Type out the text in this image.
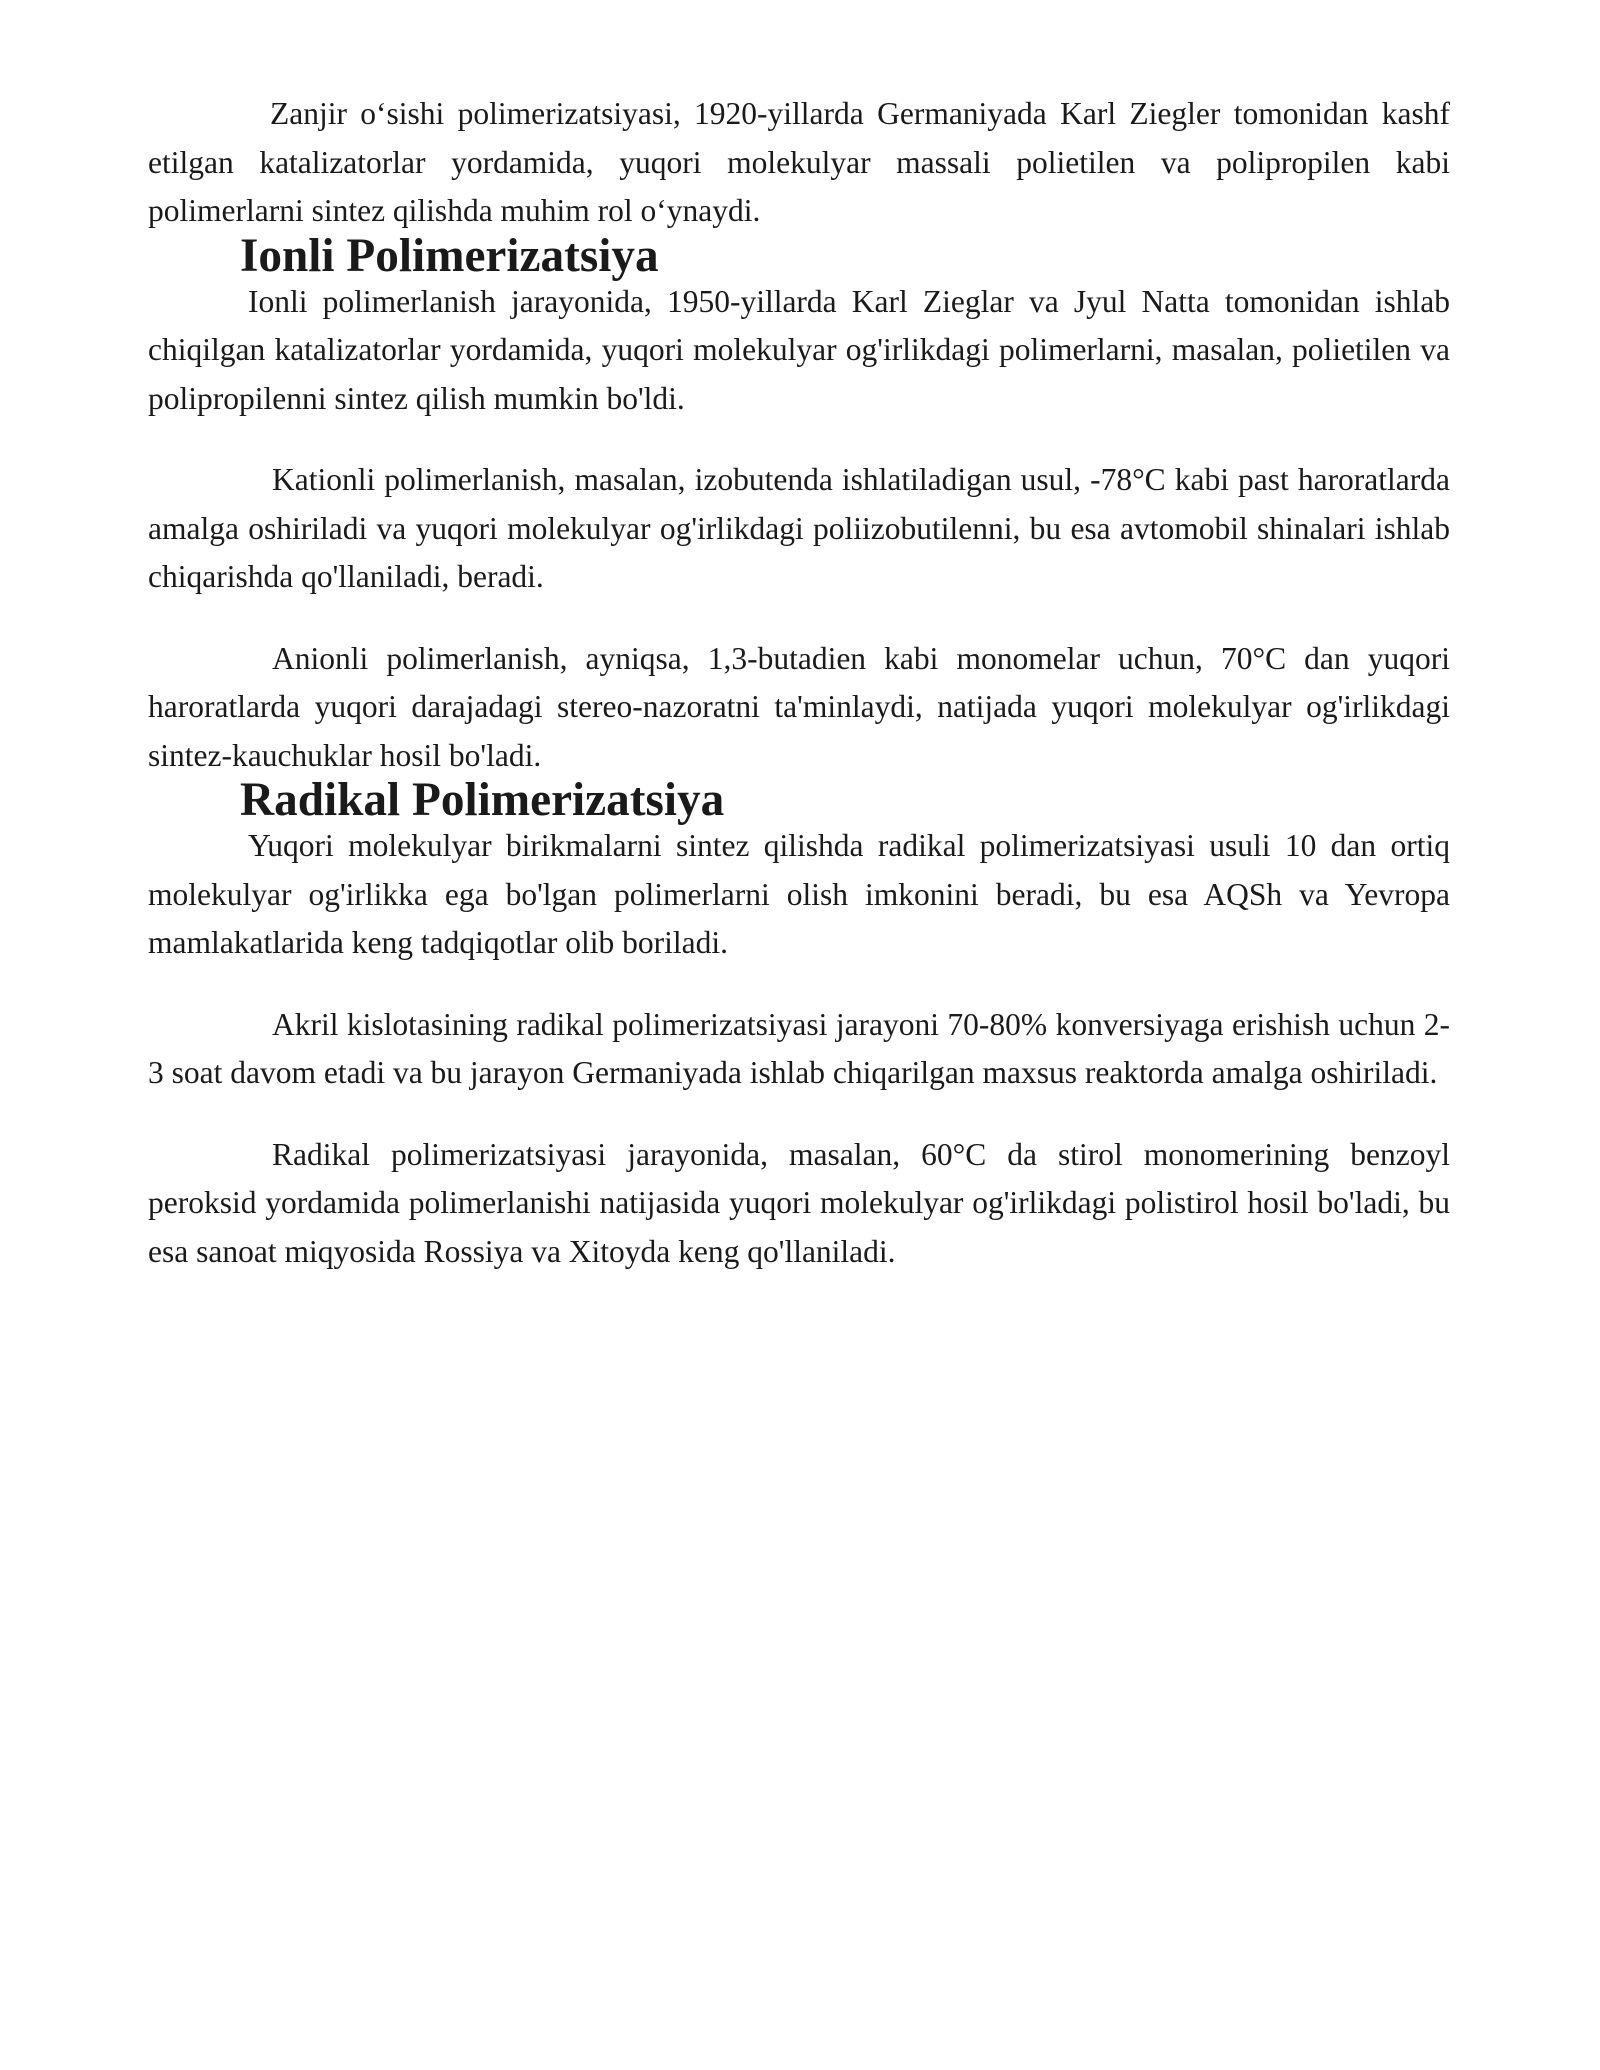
Zanjir o‘sishi polimerizatsiyasi, 1920-yillarda Germaniyada Karl Ziegler tomonidan kashf etilgan katalizatorlar yordamida, yuqori molekulyar massali polietilen va polipropilen kabi polimerlarni sintez qilishda muhim rol o‘ynaydi.

Ionli Polimerizatsiya

Ionli polimerlanish jarayonida, 1950-yillarda Karl Zieglar va Jyul Natta tomonidan ishlab chiqilgan katalizatorlar yordamida, yuqori molekulyar og'irlikdagi polimerlarni, masalan, polietilen va polipropilenni sintez qilish mumkin bo'ldi.

Kationli polimerlanish, masalan, izobutenda ishlatiladigan usul, -78°C kabi past haroratlarda amalga oshiriladi va yuqori molekulyar og'irlikdagi poliizobutilenni, bu esa avtomobil shinalari ishlab chiqarishda qo'llaniladi, beradi.

Anionli polimerlanish, ayniqsa, 1,3-butadien kabi monomelar uchun, 70°C dan yuqori haroratlarda yuqori darajadagi stereo-nazoratni ta'minlaydi, natijada yuqori molekulyar og'irlikdagi sintez-kauchuklar hosil bo'ladi.

Radikal Polimerizatsiya

Yuqori molekulyar birikmalarni sintez qilishda radikal polimerizatsiyasi usuli 10 dan ortiq molekulyar og'irlikka ega bo'lgan polimerlarni olish imkonini beradi, bu esa AQSh va Yevropa mamlakatlarida keng tadqiqotlar olib boriladi.

Akril kislotasining radikal polimerizatsiyasi jarayoni 70-80% konversiyaga erishish uchun 2-3 soat davom etadi va bu jarayon Germaniyada ishlab chiqarilgan maxsus reaktorda amalga oshiriladi.

Radikal polimerizatsiyasi jarayonida, masalan, 60°C da stirol monomerining benzoyl peroksid yordamida polimerlanishi natijasida yuqori molekulyar og'irlikdagi polistirol hosil bo'ladi, bu esa sanoat miqyosida Rossiya va Xitoyda keng qo'llaniladi.
